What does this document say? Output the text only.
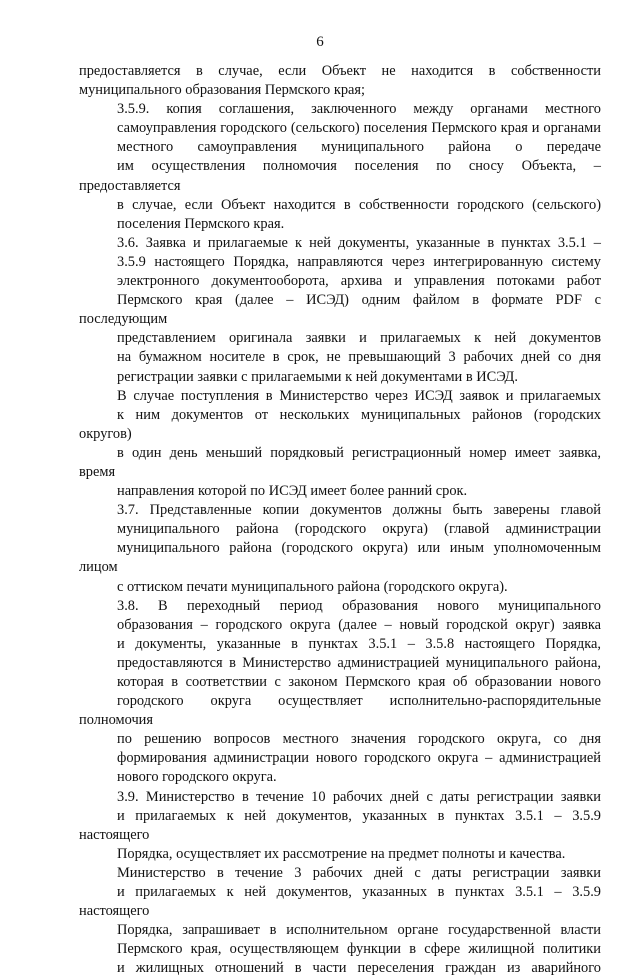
6
предоставляется в случае, если Объект не находится в собственности
муниципального образования Пермского края;
3.5.9. копия соглашения, заключенного между органами местного
самоуправления городского (сельского) поселения Пермского края и органами
местного самоуправления муниципального района о передаче
им осуществления полномочия поселения по сносу Объекта, – предоставляется
в случае, если Объект находится в собственности городского (сельского)
поселения Пермского края.
3.6. Заявка и прилагаемые к ней документы, указанные в пунктах 3.5.1 –
3.5.9 настоящего Порядка, направляются через интегрированную систему
электронного документооборота, архива и управления потоками работ
Пермского края (далее – ИСЭД) одним файлом в формате PDF с последующим
представлением оригинала заявки и прилагаемых к ней документов
на бумажном носителе в срок, не превышающий 3 рабочих дней со дня
регистрации заявки с прилагаемыми к ней документами в ИСЭД.
В случае поступления в Министерство через ИСЭД заявок и прилагаемых
к ним документов от нескольких муниципальных районов (городских округов)
в один день меньший порядковый регистрационный номер имеет заявка, время
направления которой по ИСЭД имеет более ранний срок.
3.7. Представленные копии документов должны быть заверены главой
муниципального района (городского округа) (главой администрации
муниципального района (городского округа) или иным уполномоченным лицом
с оттиском печати муниципального района (городского округа).
3.8. В переходный период образования нового муниципального
образования – городского округа (далее – новый городской округ) заявка
и документы, указанные в пунктах 3.5.1 – 3.5.8 настоящего Порядка,
предоставляются в Министерство администрацией муниципального района,
которая в соответствии с законом Пермского края об образовании нового
городского округа осуществляет исполнительно-распорядительные полномочия
по решению вопросов местного значения городского округа, со дня
формирования администрации нового городского округа – администрацией
нового городского округа.
3.9. Министерство в течение 10 рабочих дней с даты регистрации заявки
и прилагаемых к ней документов, указанных в пунктах 3.5.1 – 3.5.9 настоящего
Порядка, осуществляет их рассмотрение на предмет полноты и качества.
Министерство в течение 3 рабочих дней с даты регистрации заявки
и прилагаемых к ней документов, указанных в пунктах 3.5.1 – 3.5.9 настоящего
Порядка, запрашивает в исполнительном органе государственной власти
Пермского края, осуществляющем функции в сфере жилищной политики
и жилищных отношений в части переселения граждан из аварийного
